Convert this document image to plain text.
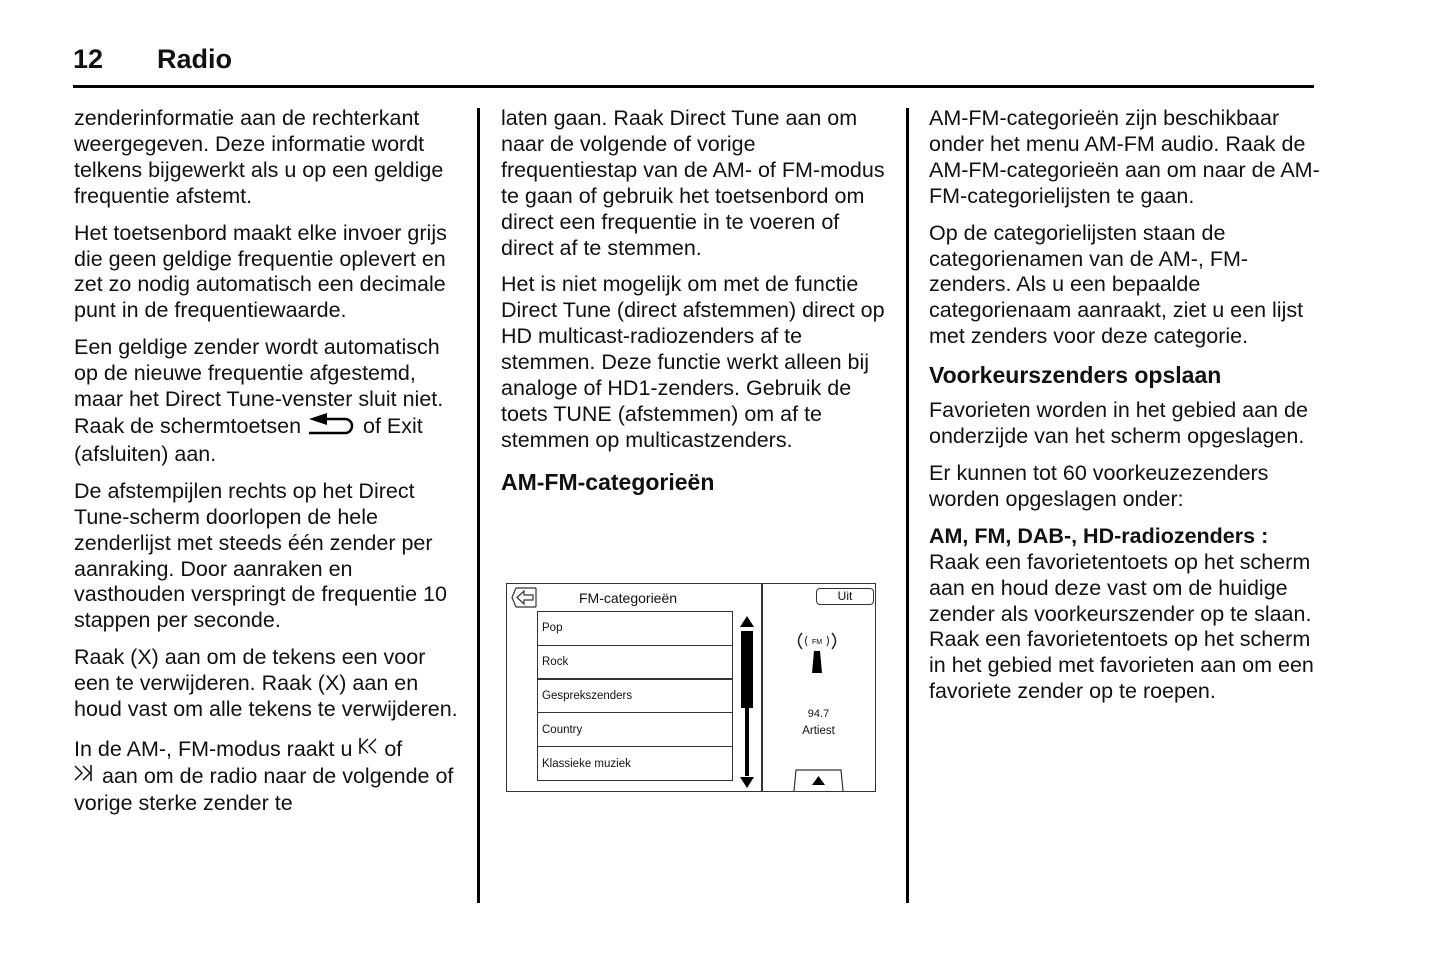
12 Radio

zenderinformatie aan de rechterkant weergegeven. Deze informatie wordt telkens bijgewerkt als u op een geldige frequentie afstemt.

Het toetsenbord maakt elke invoer grijs die geen geldige frequentie oplevert en zet zo nodig automatisch een decimale punt in de frequentiewaarde.

Een geldige zender wordt automatisch op de nieuwe frequentie afgestemd, maar het Direct Tune-venster sluit niet. Raak de schermtoetsen  of Exit (afsluiten) aan.

De afstempijlen rechts op het Direct Tune-scherm doorlopen de hele zenderlijst met steeds één zender per aanraking. Door aanraken en vasthouden verspringt de frequentie 10 stappen per seconde.

Raak (X) aan om de tekens een voor een te verwijderen. Raak (X) aan en houd vast om alle tekens te verwijderen.

In de AM-, FM-modus raakt u  of
aan om de radio naar de volgende of vorige sterke zender te

laten gaan. Raak Direct Tune aan om naar de volgende of vorige frequentiestap van de AM- of FM-modus te gaan of gebruik het toetsenbord om direct een frequentie in te voeren of direct af te stemmen.

Het is niet mogelijk om met de functie Direct Tune (direct afstemmen) direct op HD multicast-radiozenders af te stemmen. Deze functie werkt alleen bij analoge of HD1-zenders. Gebruik de toets TUNE (afstemmen) om af te stemmen op multicastzenders.

AM-FM-categorieën
FM-categorieën
Pop
Rock
Gesprekszenders
Country
Klassieke muziek
Uit
FM
94.7
Artiest

AM-FM-categorieën zijn beschikbaar onder het menu AM-FM audio. Raak de AM-FM-categorieën aan om naar de AM-FM-categorielijsten te gaan.

Op de categorielijsten staan de categorienamen van de AM-, FM-zenders. Als u een bepaalde categorienaam aanraakt, ziet u een lijst met zenders voor deze categorie.

Voorkeurszenders opslaan

Favorieten worden in het gebied aan de onderzijde van het scherm opgeslagen.

Er kunnen tot 60 voorkeuzezenders worden opgeslagen onder:

AM, FM, DAB-, HD-radiozenders : Raak een favorietentoets op het scherm aan en houd deze vast om de huidige zender als voorkeurszender op te slaan. Raak een favorietentoets op het scherm in het gebied met favorieten aan om een favoriete zender op te roepen.
